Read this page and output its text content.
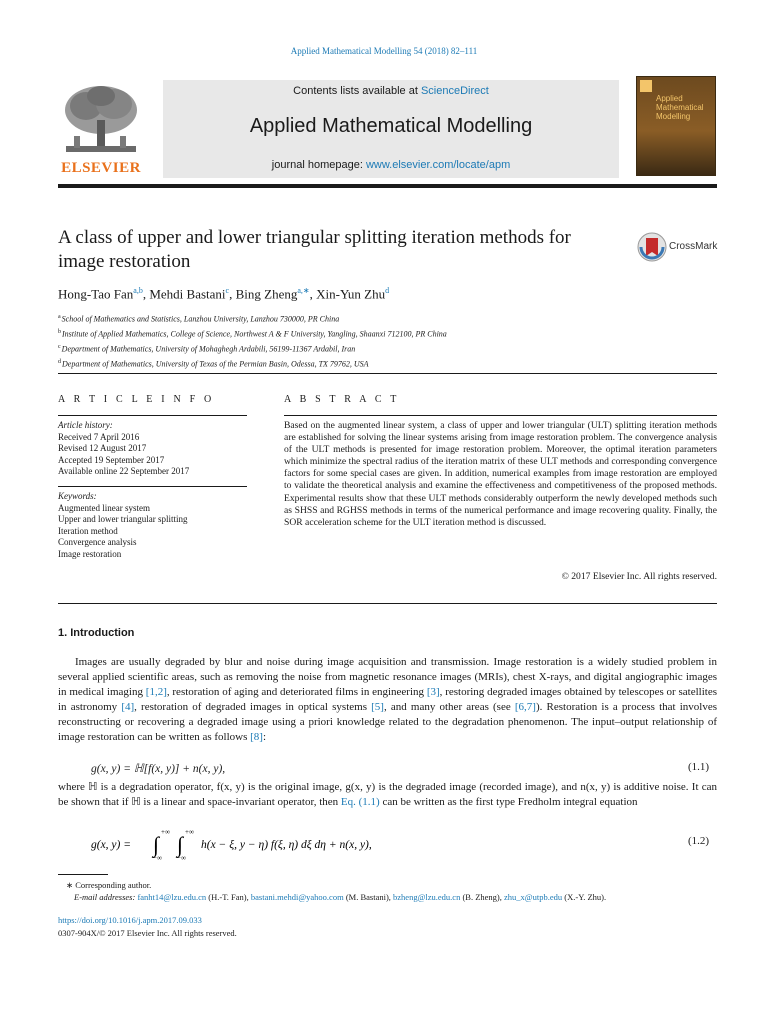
Applied Mathematical Modelling 54 (2018) 82–111
ELSEVIER
Contents lists available at ScienceDirect
Applied Mathematical Modelling
journal homepage: www.elsevier.com/locate/apm
Applied
Mathematical
Modelling
A class of upper and lower triangular splitting iteration methods for image restoration
CrossMark
Hong-Tao Fan$^{a,b}$, Mehdi Bastani$^c$, Bing Zheng$^{a,∗}$, Xin-Yun Zhu$^d$
$^a$School of Mathematics and Statistics, Lanzhou University, Lanzhou 730000, PR China
$^b$Institute of Applied Mathematics, College of Science, Northwest A & F University, Yangling, Shaanxi 712100, PR China
$^c$Department of Mathematics, University of Mohaghegh Ardabili, 56199-11367 Ardabil, Iran
$^d$Department of Mathematics, University of Texas of the Permian Basin, Odessa, TX 79762, USA
A R T I C L E I N F O	A B S T R A C T
Article history:
Received 7 April 2016
Revised 12 August 2017
Accepted 19 September 2017
Available online 22 September 2017
Keywords:
Augmented linear system
Upper and lower triangular splitting
Iteration method
Convergence analysis
Image restoration
Based on the augmented linear system, a class of upper and lower triangular (ULT) splitting iteration methods are established for solving the linear systems arising from image restoration problem. The convergence analysis of the ULT methods is presented for image restoration problem. Moreover, the optimal iteration parameters which minimize the spectral radius of the iteration matrix of these ULT methods and corresponding convergence factors for some special cases are given. In addition, numerical examples from image restoration are employed to validate the theoretical analysis and examine the effectiveness and competitiveness of the proposed methods. Experimental results show that these ULT methods considerably outperform the newly developed methods such as SHSS and RGHSS methods in terms of the numerical performance and image recovering quality. Finally, the SOR acceleration scheme for the ULT iteration method is discussed.
© 2017 Elsevier Inc. All rights reserved.
1. Introduction
Images are usually degraded by blur and noise during image acquisition and transmission. Image restoration is a widely studied problem in several applied scientific areas, such as removing the noise from magnetic resonance images (MRIs), chest X-rays, and digital angiographic images in medical imaging [1,2], restoration of aging and deteriorated films in engineering [3], restoring degraded images obtained by telescopes or satellites in astronomy [4], restoration of degraded images in optical systems [5], and many other areas (see [6,7]). Restoration is a process that involves reconstructing or recovering a degraded image using a priori knowledge related to the degradation phenomenon. The input–output relationship of image restoration can be written as follows [8]:
g(x, y) = ℍ[f(x, y)] + n(x, y),	(1.1)
where ℍ is a degradation operator, f(x, y) is the original image, g(x, y) is the degraded image (recorded image), and n(x, y) is additive noise. It can be shown that if ℍ is a linear and space-invariant operator, then Eq. (1.1) can be written as the first type Fredholm integral equation
g(x, y) = ∫ +∞
−∞
∫ +∞
−∞
h(x − ξ, y − η) f(ξ, η) dξ dη + n(x, y),	(1.2)
∗ Corresponding author.
E-mail addresses: fanht14@lzu.edu.cn (H.-T. Fan), bastani.mehdi@yahoo.com (M. Bastani), bzheng@lzu.edu.cn (B. Zheng), zhu_x@utpb.edu (X.-Y. Zhu).
https://doi.org/10.1016/j.apm.2017.09.033
0307-904X/© 2017 Elsevier Inc. All rights reserved.
